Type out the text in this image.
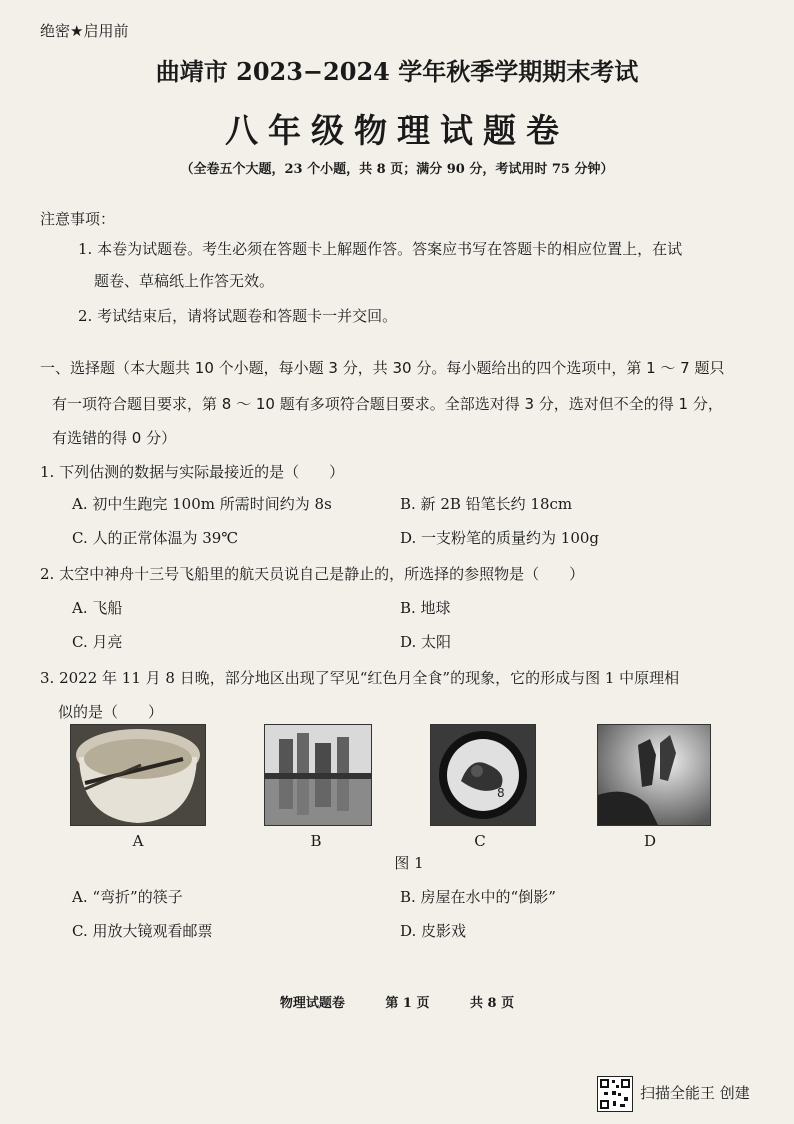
绝密★启用前
曲靖市 2023−2024 学年秋季学期期末考试
八年级物理试题卷
（全卷五个大题，23 个小题，共 8 页；满分 90 分，考试用时 75 分钟）
注意事项：
1. 本卷为试题卷。考生必须在答题卡上解题作答。答案应书写在答题卡的相应位置上，在试
题卷、草稿纸上作答无效。
2. 考试结束后，请将试题卷和答题卡一并交回。
一、选择题（本大题共 10 个小题，每小题 3 分，共 30 分。每小题给出的四个选项中，第 1 ～ 7 题只
有一项符合题目要求，第 8 ～ 10 题有多项符合题目要求。全部选对得 3 分，选对但不全的得 1 分，
有选错的得 0 分）
1. 下列估测的数据与实际最接近的是（　　）
A. 初中生跑完 100m 所需时间约为 8s	B. 新 2B 铅笔长约 18cm
C. 人的正常体温为 39℃	D. 一支粉笔的质量约为 100g
2. 太空中神舟十三号飞船里的航天员说自己是静止的，所选择的参照物是（　　）
A. 飞船	B. 地球
C. 月亮	D. 太阳
3. 2022 年 11 月 8 日晚，部分地区出现了罕见“红色月全食”的现象，它的形成与图 1 中原理相
似的是（　　）
8
A	B	C	D
图 1
A. “弯折”的筷子	B. 房屋在水中的“倒影”
C. 用放大镜观看邮票	D. 皮影戏
物理试题卷	第 1 页	共 8 页
扫描全能王 创建
